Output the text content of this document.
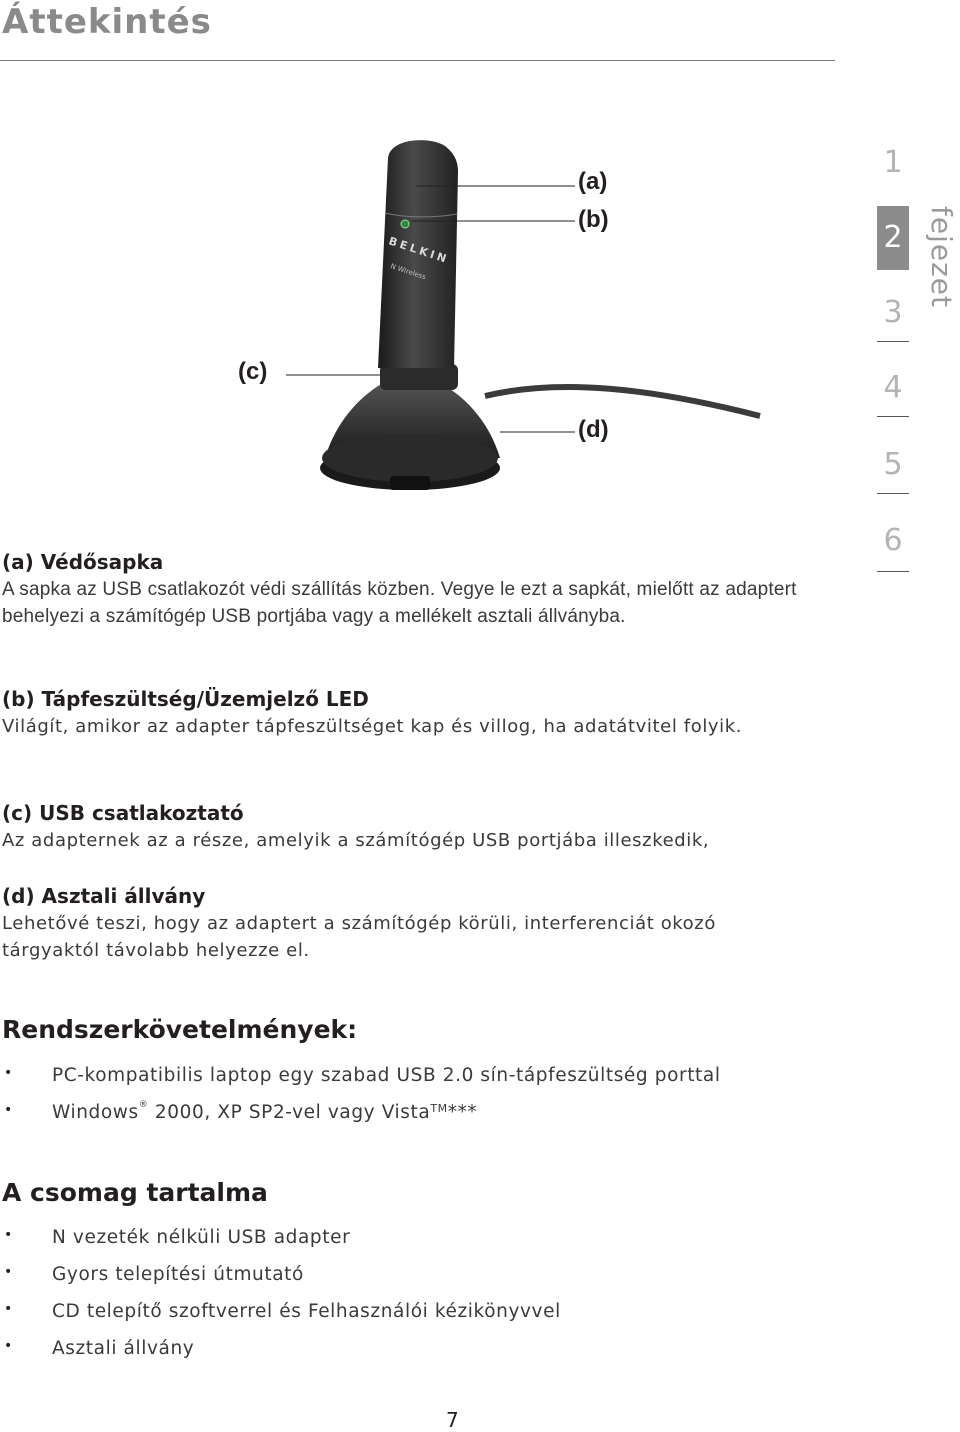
Áttekintés
1
2
3
4
5
6
fejezet
BELKIN
N Wireless
(a)
(b)
(c)
(d)
(a) Védősapka

A sapka az USB csatlakozót védi szállítás közben. Vegye le ezt a sapkát, mielőtt az adaptert behelyezi a számítógép USB portjába vagy a mellékelt asztali állványba.

(b) Tápfeszültség/Üzemjelző LED

Világít, amikor az adapter tápfeszültséget kap és villog, ha adatátvitel folyik.

(c) USB csatlakoztató

Az adapternek az a része, amelyik a számítógép USB portjába illeszkedik,

(d) Asztali állvány

Lehetővé teszi, hogy az adaptert a számítógép körüli, interferenciát okozó tárgyaktól távolabb helyezze el.

Rendszerkövetelmények:
• PC-kompatibilis laptop egy szabad USB 2.0 sín-tápfeszültség porttal
• Windows® 2000, XP SP2-vel vagy Vista™***
A csomag tartalma
• N vezeték nélküli USB adapter
• Gyors telepítési útmutató
• CD telepítő szoftverrel és Felhasználói kézikönyvvel
• Asztali állvány
7
